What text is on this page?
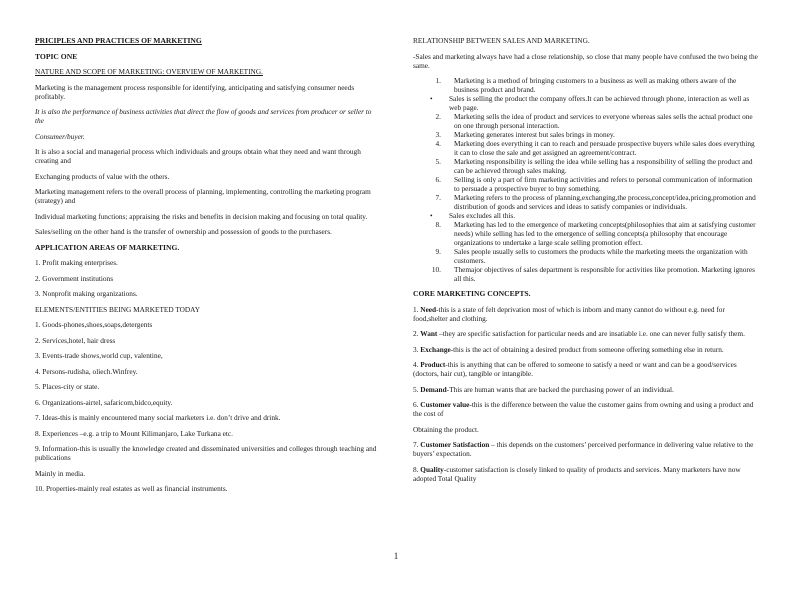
PRICIPLES AND PRACTICES OF MARKETING
TOPIC ONE
NATURE AND SCOPE OF MARKETING: OVERVIEW OF MARKETING.
Marketing is the management process responsible for identifying, anticipating and satisfying consumer needs profitably.
It is also the performance of business activities that direct the flow of goods and services from producer or seller to the
Consumer/buyer.
It is also a social and managerial process which individuals and groups obtain what they need and want through creating and
Exchanging products of value with the others.
Marketing management refers to the overall process of planning, implementing, controlling the marketing program (strategy) and
Individual marketing functions; appraising the risks and benefits in decision making and focusing on total quality.
Sales/selling on the other hand is the transfer of ownership and possession of goods to the purchasers.
APPLICATION AREAS OF MARKETING.
1. Profit making enterprises.
2. Government institutions
3. Nonprofit making organizations.
ELEMENTS/ENTITIES BEING MARKETED TODAY
1. Goods-phones,shoes,soaps,detergents
2. Services,hotel, hair dress
3. Events-trade shows,world cup, valentine,
4. Persons-rudisha, oliech.Winfrey.
5. Places-city or state.
6. Organizations-airtel, safaricom,bidco,equity.
7. Ideas-this is mainly encountered many social marketers i.e. don’t drive and drink.
8. Experiences –e.g. a trip to Mount Kilimanjaro, Lake Turkana etc.
9. Information-this is usually the knowledge created and disseminated universities and colleges through teaching and publications
Mainly in media.
10. Properties-mainly real estates as well as financial instruments.
RELATIONSHIP BETWEEN SALES AND MARKETING.
-Sales and marketing always have had a close relationship, so close that many people have confused the two being the same.
1. Marketing is a method of bringing customers to a business as well as making others aware of the business product and brand.
• Sales is selling the product the company offers.It can be achieved through phone, interaction as well as web page.
2. Marketing sells the idea of product and services to everyone whereas sales sells the actual product one on one through personal interaction.
3. Marketing generates interest but sales brings in money.
4. Marketing does everything it can to reach and persuade prospective buyers while sales does everything it can to close the sale and get assigned an agreement/contract.
5. Marketing responsibility is selling the idea while selling has a responsibility of selling the product and can be achieved through sales making.
6. Selling is only a part of firm marketing activities and refers to personal communication of information to persuade a prospective buyer to buy something.
7. Marketing refers to the process of planning,exchanging,the process,concept/idea,pricing,promotion and distribution of goods and services and ideas to satisfy companies or individuals.
• Sales excludes all this.
8. Marketing has led to the emergence of marketing concepts(philosophies that aim at satisfying customer needs) while selling has led to the emergence of selling concepts(a philosophy that encourage organizations to undertake a large scale selling promotion effect.
9. Sales people usually sells to customers the products while the marketing meets the organization with customers.
10. Themajor objectives of sales department is responsible for activities like promotion. Marketing ignores all this.
CORE MARKETING CONCEPTS.
1. Need-this is a state of felt deprivation most of which is inborn and many cannot do without e.g. need for food,shelter and clothing.
2. Want –they are specific satisfaction for particular needs and are insatiable i.e. one can never fully satisfy them.
3. Exchange-this is the act of obtaining a desired product from someone offering something else in return.
4. Product-this is anything that can be offered to someone to satisfy a need or want and can be a good/services (doctors, hair cut), tangible or intangible.
5. Demand-This are human wants that are backed the purchasing power of an individual.
6. Customer value-this is the difference between the value the customer gains from owning and using a product and the cost of
Obtaining the product.
7. Customer Satisfaction – this depends on the customers’ perceived performance in delivering value relative to the buyers’ expectation.
8. Quality-customer satisfaction is closely linked to quality of products and services. Many marketers have now adopted Total Quality
1
